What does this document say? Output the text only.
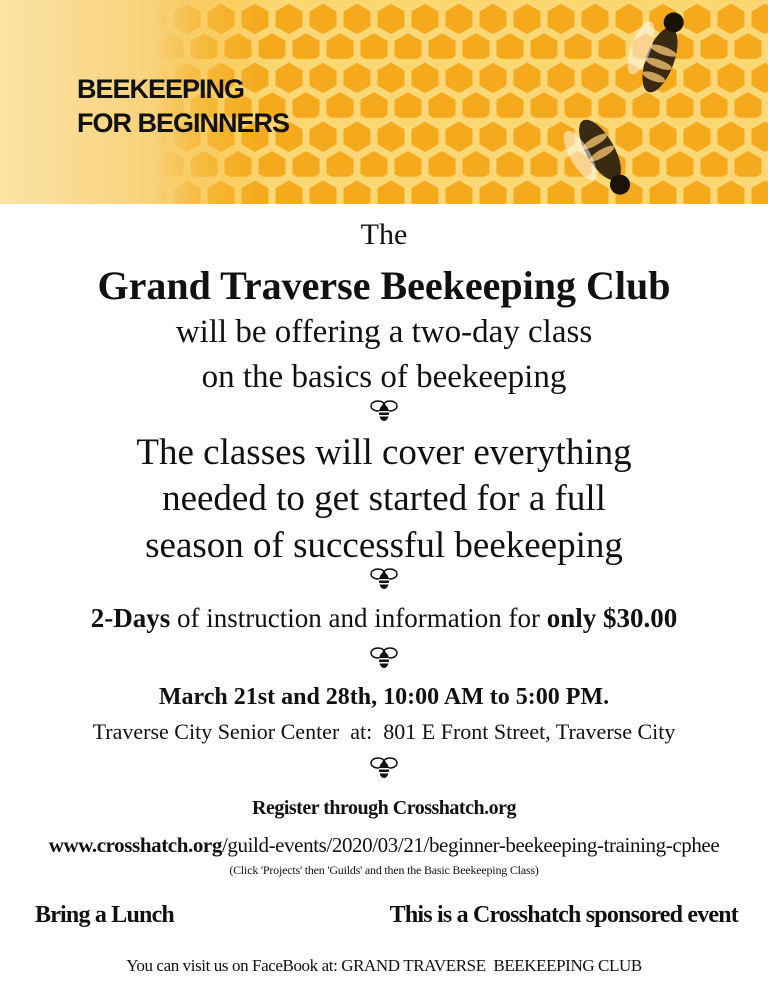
BEEKEEPING
FOR BEGINNERS
The
Grand Traverse Beekeeping Club
will be offering a two-day class
on the basics of beekeeping
The classes will cover everything
needed to get started for a full
season of successful beekeeping
2-Days of instruction and information for only $30.00
March 21st and 28th, 10:00 AM to 5:00 PM.
Traverse City Senior Center  at:  801 E Front Street, Traverse City
Register through Crosshatch.org
www.crosshatch.org/guild-events/2020/03/21/beginner-beekeeping-training-cphee
(Click 'Projects' then 'Guilds' and then the Basic Beekeeping Class)
Bring a Lunch	This is a Crosshatch sponsored event
You can visit us on FaceBook at: GRAND TRAVERSE  BEEKEEPING CLUB
